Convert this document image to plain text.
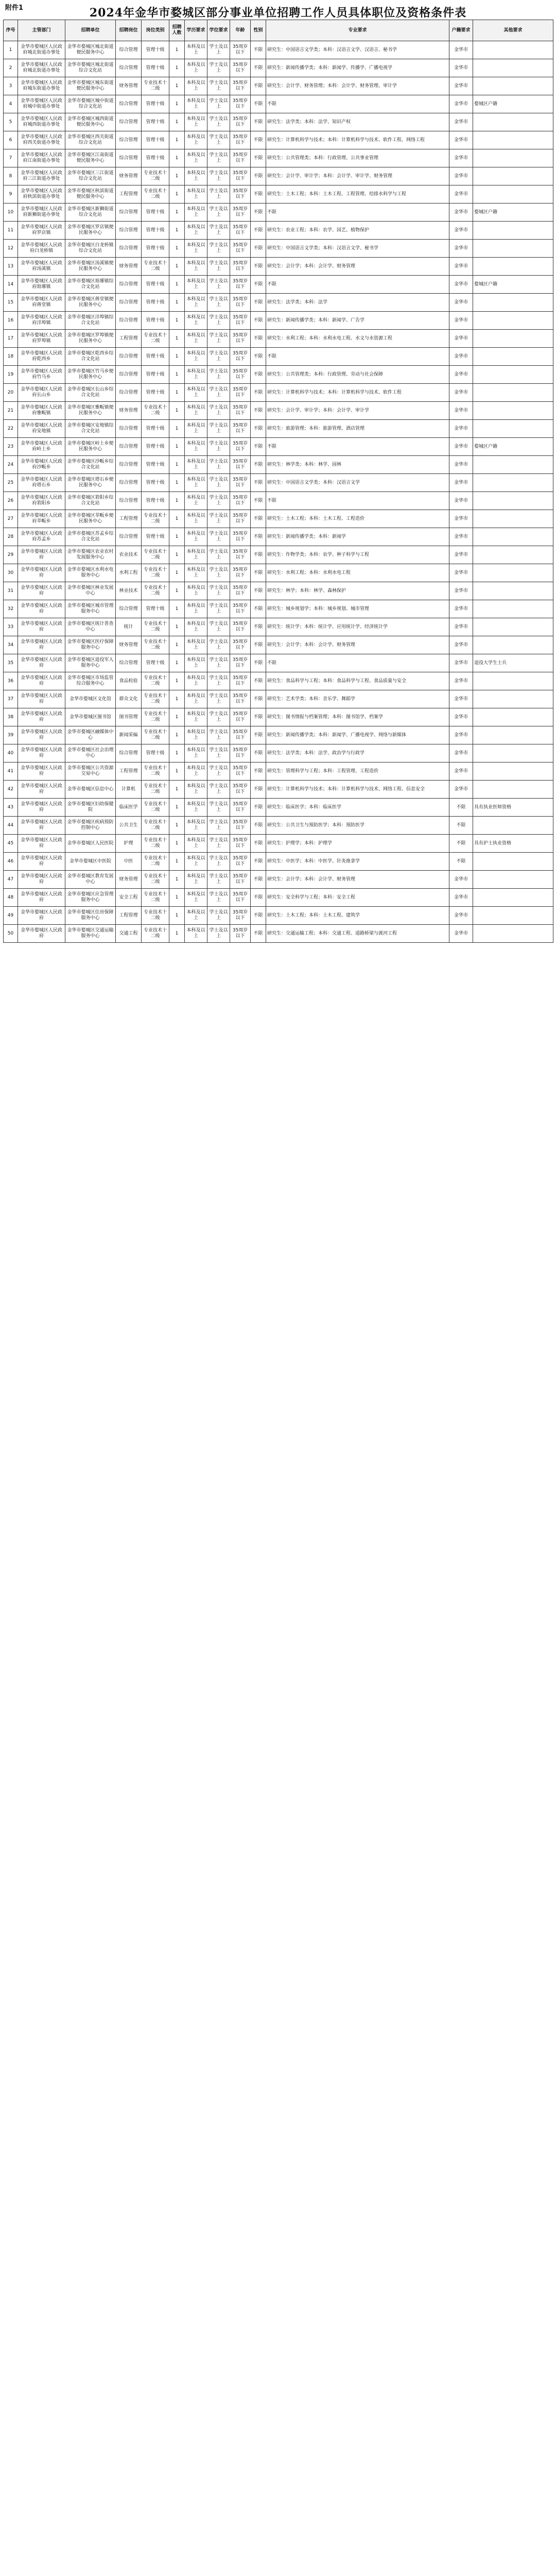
附件1	2024年金华市婺城区部分事业单位招聘工作人员具体职位及资格条件表
序号	主管部门	招聘单位	招聘岗位	岗位类别	招聘人数	学历要求	学位要求	年龄	性别	专业要求	户籍要求	其他要求
1	金华市婺城区人民政府城北街道办事处	金华市婺城区城北街道便民服务中心	综合管理	管理十级	1	本科及以上	学士及以上	35周岁以下	不限	研究生：中国语言文学类；本科：汉语言文学、汉语言、秘书学	金华市	
2	金华市婺城区人民政府城北街道办事处	金华市婺城区城北街道综合文化站	综合管理	管理十级	1	本科及以上	学士及以上	35周岁以下	不限	研究生：新闻传播学类；本科：新闻学、传播学、广播电视学	金华市	
3	金华市婺城区人民政府城东街道办事处	金华市婺城区城东街道便民服务中心	财务管理	专业技术十二级	1	本科及以上	学士及以上	35周岁以下	不限	研究生：会计学、财务管理；本科：会计学、财务管理、审计学	金华市	
4	金华市婺城区人民政府城中街道办事处	金华市婺城区城中街道综合文化站	综合管理	管理十级	1	本科及以上	学士及以上	35周岁以下	不限	不限	金华市	婺城区户籍
5	金华市婺城区人民政府城西街道办事处	金华市婺城区城西街道便民服务中心	综合管理	管理十级	1	本科及以上	学士及以上	35周岁以下	不限	研究生：法学类；本科：法学、知识产权	金华市	
6	金华市婺城区人民政府西关街道办事处	金华市婺城区西关街道综合文化站	综合管理	管理十级	1	本科及以上	学士及以上	35周岁以下	不限	研究生：计算机科学与技术；本科：计算机科学与技术、软件工程、网络工程	金华市	
7	金华市婺城区人民政府江南街道办事处	金华市婺城区江南街道便民服务中心	综合管理	管理十级	1	本科及以上	学士及以上	35周岁以下	不限	研究生：公共管理类；本科：行政管理、公共事业管理	金华市	
8	金华市婺城区人民政府三江街道办事处	金华市婺城区三江街道综合文化站	财务管理	专业技术十二级	1	本科及以上	学士及以上	35周岁以下	不限	研究生：会计学、审计学；本科：会计学、审计学、财务管理	金华市	
9	金华市婺城区人民政府秋滨街道办事处	金华市婺城区秋滨街道便民服务中心	工程管理	专业技术十二级	1	本科及以上	学士及以上	35周岁以下	不限	研究生：土木工程；本科：土木工程、工程管理、给排水科学与工程	金华市	
10	金华市婺城区人民政府新狮街道办事处	金华市婺城区新狮街道综合文化站	综合管理	管理十级	1	本科及以上	学士及以上	35周岁以下	不限	不限	金华市	婺城区户籍
11	金华市婺城区人民政府罗店镇	金华市婺城区罗店镇便民服务中心	综合管理	管理十级	1	本科及以上	学士及以上	35周岁以下	不限	研究生：农业工程；本科：农学、园艺、植物保护	金华市	
12	金华市婺城区人民政府白龙桥镇	金华市婺城区白龙桥镇综合文化站	综合管理	管理十级	1	本科及以上	学士及以上	35周岁以下	不限	研究生：中国语言文学类；本科：汉语言文学、秘书学	金华市	
13	金华市婺城区人民政府汤溪镇	金华市婺城区汤溪镇便民服务中心	财务管理	专业技术十二级	1	本科及以上	学士及以上	35周岁以下	不限	研究生：会计学；本科：会计学、财务管理	金华市	
14	金华市婺城区人民政府琅琊镇	金华市婺城区琅琊镇综合文化站	综合管理	管理十级	1	本科及以上	学士及以上	35周岁以下	不限	不限	金华市	婺城区户籍
15	金华市婺城区人民政府蒋堂镇	金华市婺城区蒋堂镇便民服务中心	综合管理	管理十级	1	本科及以上	学士及以上	35周岁以下	不限	研究生：法学类；本科：法学	金华市	
16	金华市婺城区人民政府洋埠镇	金华市婺城区洋埠镇综合文化站	综合管理	管理十级	1	本科及以上	学士及以上	35周岁以下	不限	研究生：新闻传播学类；本科：新闻学、广告学	金华市	
17	金华市婺城区人民政府罗埠镇	金华市婺城区罗埠镇便民服务中心	工程管理	专业技术十二级	1	本科及以上	学士及以上	35周岁以下	不限	研究生：水利工程；本科：水利水电工程、水文与水资源工程	金华市	
18	金华市婺城区人民政府乾西乡	金华市婺城区乾西乡综合文化站	综合管理	管理十级	1	本科及以上	学士及以上	35周岁以下	不限	不限	金华市	
19	金华市婺城区人民政府竹马乡	金华市婺城区竹马乡便民服务中心	综合管理	管理十级	1	本科及以上	学士及以上	35周岁以下	不限	研究生：公共管理类；本科：行政管理、劳动与社会保障	金华市	
20	金华市婺城区人民政府长山乡	金华市婺城区长山乡综合文化站	综合管理	管理十级	1	本科及以上	学士及以上	35周岁以下	不限	研究生：计算机科学与技术；本科：计算机科学与技术、软件工程	金华市	
21	金华市婺城区人民政府雅畈镇	金华市婺城区雅畈镇便民服务中心	财务管理	专业技术十二级	1	本科及以上	学士及以上	35周岁以下	不限	研究生：会计学、审计学；本科：会计学、审计学	金华市	
22	金华市婺城区人民政府安地镇	金华市婺城区安地镇综合文化站	综合管理	管理十级	1	本科及以上	学士及以上	35周岁以下	不限	研究生：旅游管理；本科：旅游管理、酒店管理	金华市	
23	金华市婺城区人民政府岭上乡	金华市婺城区岭上乡便民服务中心	综合管理	管理十级	1	本科及以上	学士及以上	35周岁以下	不限	不限	金华市	婺城区户籍
24	金华市婺城区人民政府沙畈乡	金华市婺城区沙畈乡综合文化站	综合管理	管理十级	1	本科及以上	学士及以上	35周岁以下	不限	研究生：林学类；本科：林学、园林	金华市	
25	金华市婺城区人民政府塔石乡	金华市婺城区塔石乡便民服务中心	综合管理	管理十级	1	本科及以上	学士及以上	35周岁以下	不限	研究生：中国语言文学类；本科：汉语言文学	金华市	
26	金华市婺城区人民政府箬阳乡	金华市婺城区箬阳乡综合文化站	综合管理	管理十级	1	本科及以上	学士及以上	35周岁以下	不限	不限	金华市	
27	金华市婺城区人民政府莘畈乡	金华市婺城区莘畈乡便民服务中心	工程管理	专业技术十二级	1	本科及以上	学士及以上	35周岁以下	不限	研究生：土木工程；本科：土木工程、工程造价	金华市	
28	金华市婺城区人民政府苏孟乡	金华市婺城区苏孟乡综合文化站	综合管理	管理十级	1	本科及以上	学士及以上	35周岁以下	不限	研究生：新闻传播学类；本科：新闻学	金华市	
29	金华市婺城区人民政府	金华市婺城区农业农村发展服务中心	农业技术	专业技术十二级	1	本科及以上	学士及以上	35周岁以下	不限	研究生：作物学类；本科：农学、种子科学与工程	金华市	
30	金华市婺城区人民政府	金华市婺城区水利水电服务中心	水利工程	专业技术十二级	1	本科及以上	学士及以上	35周岁以下	不限	研究生：水利工程；本科：水利水电工程	金华市	
31	金华市婺城区人民政府	金华市婺城区林业发展中心	林业技术	专业技术十二级	1	本科及以上	学士及以上	35周岁以下	不限	研究生：林学；本科：林学、森林保护	金华市	
32	金华市婺城区人民政府	金华市婺城区城市管理服务中心	综合管理	管理十级	1	本科及以上	学士及以上	35周岁以下	不限	研究生：城乡规划学；本科：城乡规划、城市管理	金华市	
33	金华市婺城区人民政府	金华市婺城区统计普查中心	统计	专业技术十二级	1	本科及以上	学士及以上	35周岁以下	不限	研究生：统计学；本科：统计学、应用统计学、经济统计学	金华市	
34	金华市婺城区人民政府	金华市婺城区医疗保障服务中心	财务管理	专业技术十二级	1	本科及以上	学士及以上	35周岁以下	不限	研究生：会计学；本科：会计学、财务管理	金华市	
35	金华市婺城区人民政府	金华市婺城区退役军人服务中心	综合管理	管理十级	1	本科及以上	学士及以上	35周岁以下	不限	不限	金华市	退役大学生士兵
36	金华市婺城区人民政府	金华市婺城区市场监管综合服务中心	食品检验	专业技术十二级	1	本科及以上	学士及以上	35周岁以下	不限	研究生：食品科学与工程；本科：食品科学与工程、食品质量与安全	金华市	
37	金华市婺城区人民政府	金华市婺城区文化馆	群众文化	专业技术十二级	1	本科及以上	学士及以上	35周岁以下	不限	研究生：艺术学类；本科：音乐学、舞蹈学	金华市	
38	金华市婺城区人民政府	金华市婺城区图书馆	图书管理	专业技术十二级	1	本科及以上	学士及以上	35周岁以下	不限	研究生：图书情报与档案管理；本科：图书馆学、档案学	金华市	
39	金华市婺城区人民政府	金华市婺城区融媒体中心	新闻采编	专业技术十二级	1	本科及以上	学士及以上	35周岁以下	不限	研究生：新闻传播学类；本科：新闻学、广播电视学、网络与新媒体	金华市	
40	金华市婺城区人民政府	金华市婺城区社会治理中心	综合管理	管理十级	1	本科及以上	学士及以上	35周岁以下	不限	研究生：法学类；本科：法学、政治学与行政学	金华市	
41	金华市婺城区人民政府	金华市婺城区公共资源交易中心	工程管理	专业技术十二级	1	本科及以上	学士及以上	35周岁以下	不限	研究生：管理科学与工程；本科：工程管理、工程造价	金华市	
42	金华市婺城区人民政府	金华市婺城区信息中心	计算机	专业技术十二级	1	本科及以上	学士及以上	35周岁以下	不限	研究生：计算机科学与技术；本科：计算机科学与技术、网络工程、信息安全	金华市	
43	金华市婺城区人民政府	金华市婺城区妇幼保健院	临床医学	专业技术十二级	1	本科及以上	学士及以上	35周岁以下	不限	研究生：临床医学；本科：临床医学	不限	具有执业医师资格
44	金华市婺城区人民政府	金华市婺城区疾病预防控制中心	公共卫生	专业技术十二级	1	本科及以上	学士及以上	35周岁以下	不限	研究生：公共卫生与预防医学；本科：预防医学	不限	
45	金华市婺城区人民政府	金华市婺城区人民医院	护理	专业技术十二级	1	本科及以上	学士及以上	35周岁以下	不限	研究生：护理学；本科：护理学	不限	具有护士执业资格
46	金华市婺城区人民政府	金华市婺城区中医院	中医	专业技术十二级	1	本科及以上	学士及以上	35周岁以下	不限	研究生：中医学；本科：中医学、针灸推拿学	不限	
47	金华市婺城区人民政府	金华市婺城区教育发展中心	财务管理	专业技术十二级	1	本科及以上	学士及以上	35周岁以下	不限	研究生：会计学；本科：会计学、财务管理	金华市	
48	金华市婺城区人民政府	金华市婺城区应急管理服务中心	安全工程	专业技术十二级	1	本科及以上	学士及以上	35周岁以下	不限	研究生：安全科学与工程；本科：安全工程	金华市	
49	金华市婺城区人民政府	金华市婺城区住房保障服务中心	工程管理	专业技术十二级	1	本科及以上	学士及以上	35周岁以下	不限	研究生：土木工程；本科：土木工程、建筑学	金华市	
50	金华市婺城区人民政府	金华市婺城区交通运输服务中心	交通工程	专业技术十二级	1	本科及以上	学士及以上	35周岁以下	不限	研究生：交通运输工程；本科：交通工程、道路桥梁与渡河工程	金华市	
